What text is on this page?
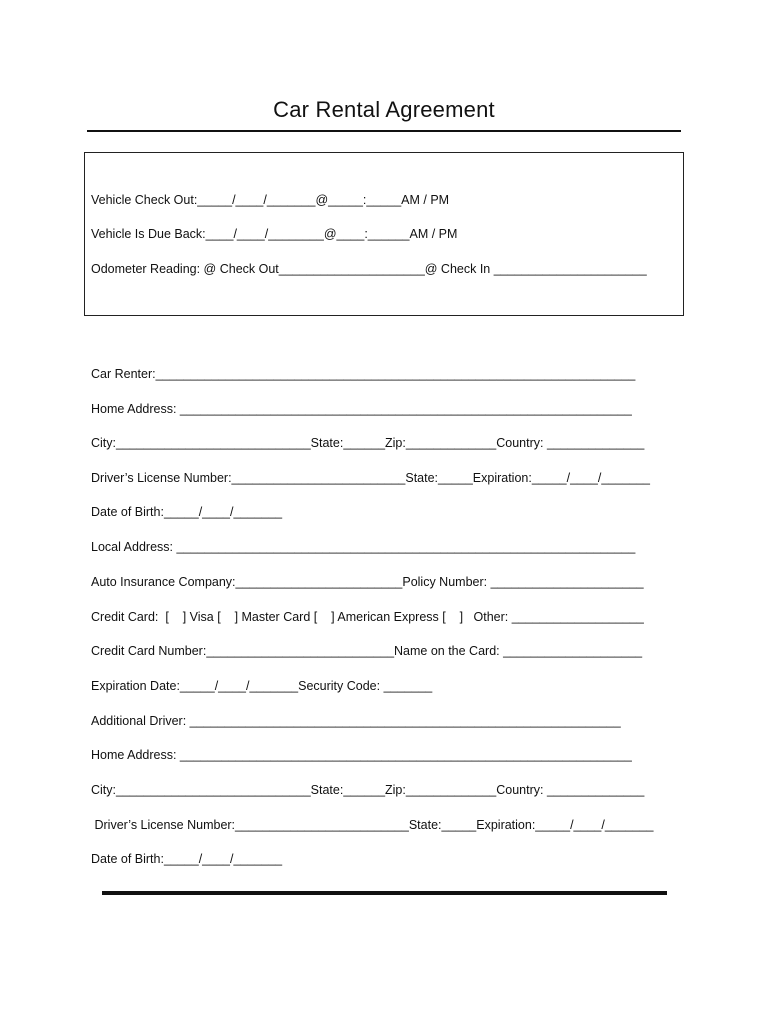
Car Rental Agreement
Vehicle Check Out:_____/____/_______@_____:_____AM / PM
Vehicle Is Due Back:____/____/________@____:______AM / PM
Odometer Reading: @ Check Out_____________________@ Check In ______________________
Car Renter:_____________________________________________________________________
Home Address: _________________________________________________________________
City:____________________________State:______Zip:_____________Country: ______________
Driver’s License Number:_________________________State:_____Expiration:_____/____/_______
Date of Birth:_____/____/_______
Local Address: __________________________________________________________________
Auto Insurance Company:________________________Policy Number: ______________________
Credit Card:  [    ] Visa [    ] Master Card [    ] American Express [    ]   Other: ___________________
Credit Card Number:___________________________Name on the Card: ____________________
Expiration Date:_____/____/_______Security Code: _______
Additional Driver: ______________________________________________________________
Home Address: _________________________________________________________________
City:____________________________State:______Zip:_____________Country: ______________
Driver’s License Number:_________________________State:_____Expiration:_____/____/_______
Date of Birth:_____/____/_______
